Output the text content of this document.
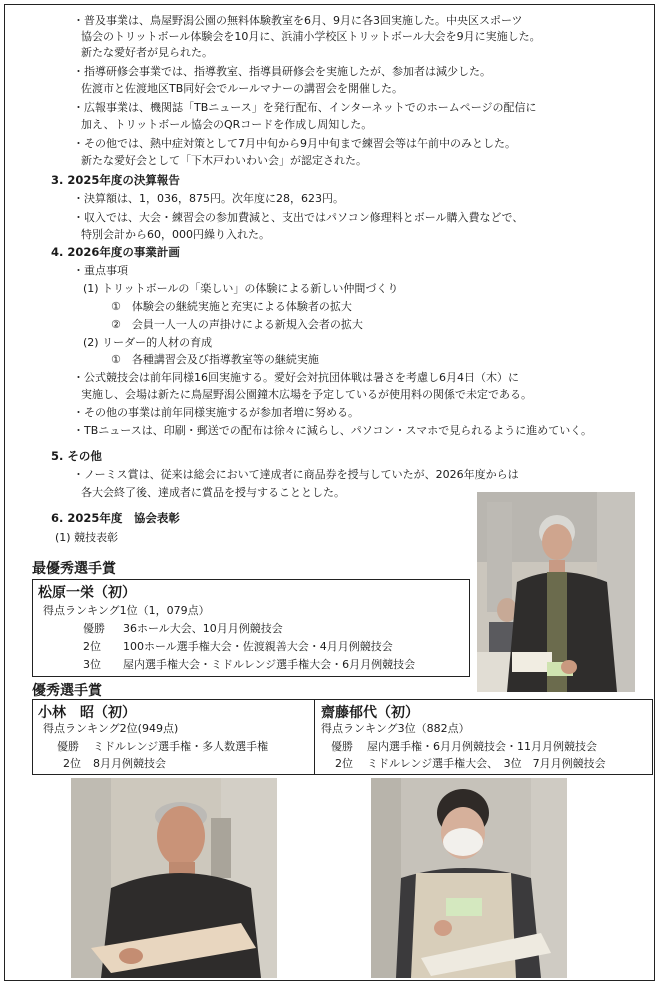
・普及事業は、鳥屋野潟公園の無料体験教室を6月、9月に各3回実施した。中央区スポーツ
協会のトリットボール体験会を10月に、浜浦小学校区トリットボール大会を9月に実施した。
新たな愛好者が見られた。
・指導研修会事業では、指導教室、指導員研修会を実施したが、参加者は減少した。
佐渡市と佐渡地区TB同好会でルールマナーの講習会を開催した。
・広報事業は、機関誌「TBニュース」を発行配布、インターネットでのホームページの配信に
加え、トリットボール協会のQRコードを作成し周知した。
・その他では、熱中症対策として7月中旬から9月中旬まで練習会等は午前中のみとした。
新たな愛好会として「下木戸わいわい会」が認定された。
3. 2025年度の決算報告
・決算額は、1，036，875円。次年度に28，623円。
・収入では、大会・練習会の参加費減と、支出ではパソコン修理料とボール購入費などで、
特別会計から60，000円繰り入れた。
4. 2026年度の事業計画
・重点事項
(1) トリットボールの「楽しい」の体験による新しい仲間づくり
①　体験会の継続実施と充実による体験者の拡大
②　会員一人一人の声掛けによる新規入会者の拡大
(2) リーダー的人材の育成
①　各種講習会及び指導教室等の継続実施
・公式競技会は前年同様16回実施する。愛好会対抗団体戦は暑さを考慮し6月4日（木）に
実施し、会場は新たに鳥屋野潟公園鐘木広場を予定しているが使用料の関係で未定である。
・その他の事業は前年同様実施するが参加者増に努める。
・TBニュースは、印刷・郵送での配布は徐々に減らし、パソコン・スマホで見られるように進めていく。
5. その他
・ノーミス賞は、従来は総会において達成者に商品券を授与していたが、2026年度からは
各大会終了後、達成者に賞品を授与することとした。
6. 2025年度　協会表彰
(1) 競技表彰
最優秀選手賞
松原一栄（初）
得点ランキング1位（1，079点）
優勝 36ホール大会、10月月例競技会
2位 100ホール選手権大会・佐渡親善大会・4月月例競技会
3位 屋内選手権大会・ミドルレンジ選手権大会・6月月例競技会
優秀選手賞
小林　昭（初）
得点ランキング2位(949点)
優勝 ミドルレンジ選手権・多人数選手権
2位 8月月例競技会
齋藤郁代（初）
得点ランキング3位（882点）
優勝 屋内選手権・6月月例競技会・11月月例競技会
2位 ミドルレンジ選手権大会、　3位　7月月例競技会
